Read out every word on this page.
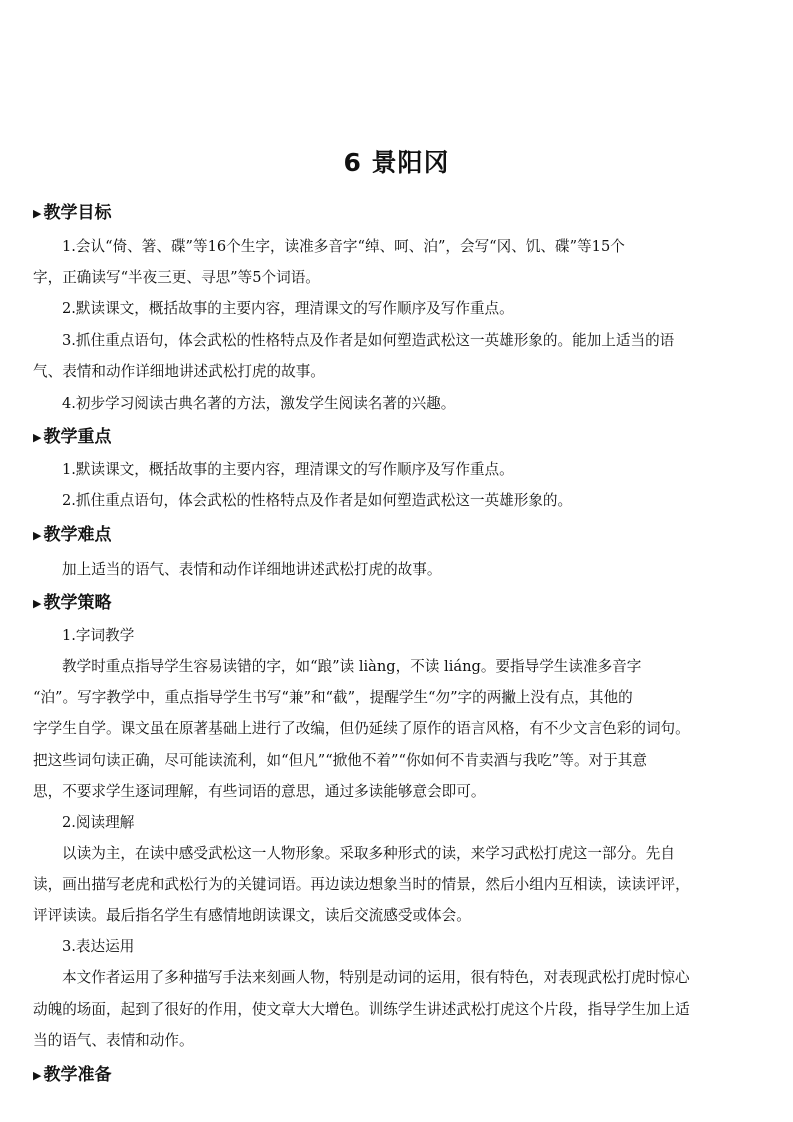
6 景阳冈
▶ 教学目标
1.会认“倚、箸、碟”等16个生字，读准多音字“绰、呵、泊”，会写“冈、饥、碟”等15个
字，正确读写“半夜三更、寻思”等5个词语。
2.默读课文，概括故事的主要内容，理清课文的写作顺序及写作重点。
3.抓住重点语句，体会武松的性格特点及作者是如何塑造武松这一英雄形象的。能加上适当的语
气、表情和动作详细地讲述武松打虎的故事。
4.初步学习阅读古典名著的方法，激发学生阅读名著的兴趣。
▶ 教学重点
1.默读课文，概括故事的主要内容，理清课文的写作顺序及写作重点。
2.抓住重点语句，体会武松的性格特点及作者是如何塑造武松这一英雄形象的。
▶ 教学难点
加上适当的语气、表情和动作详细地讲述武松打虎的故事。
▶ 教学策略
1.字词教学
教学时重点指导学生容易读错的字，如“踉”读 liàng，不读 liáng。要指导学生读准多音字
“泊”。写字教学中，重点指导学生书写“兼”和“截”，提醒学生“勿”字的两撇上没有点，其他的
字学生自学。课文虽在原著基础上进行了改编，但仍延续了原作的语言风格，有不少文言色彩的词句。
把这些词句读正确，尽可能读流利，如“但凡”“掀他不着”“你如何不肯卖酒与我吃”等。对于其意
思，不要求学生逐词理解，有些词语的意思，通过多读能够意会即可。
2.阅读理解
以读为主，在读中感受武松这一人物形象。采取多种形式的读，来学习武松打虎这一部分。先自
读，画出描写老虎和武松行为的关键词语。再边读边想象当时的情景，然后小组内互相读，读读评评，
评评读读。最后指名学生有感情地朗读课文，读后交流感受或体会。
3.表达运用
本文作者运用了多种描写手法来刻画人物，特别是动词的运用，很有特色，对表现武松打虎时惊心
动魄的场面，起到了很好的作用，使文章大大增色。训练学生讲述武松打虎这个片段，指导学生加上适
当的语气、表情和动作。
▶ 教学准备
